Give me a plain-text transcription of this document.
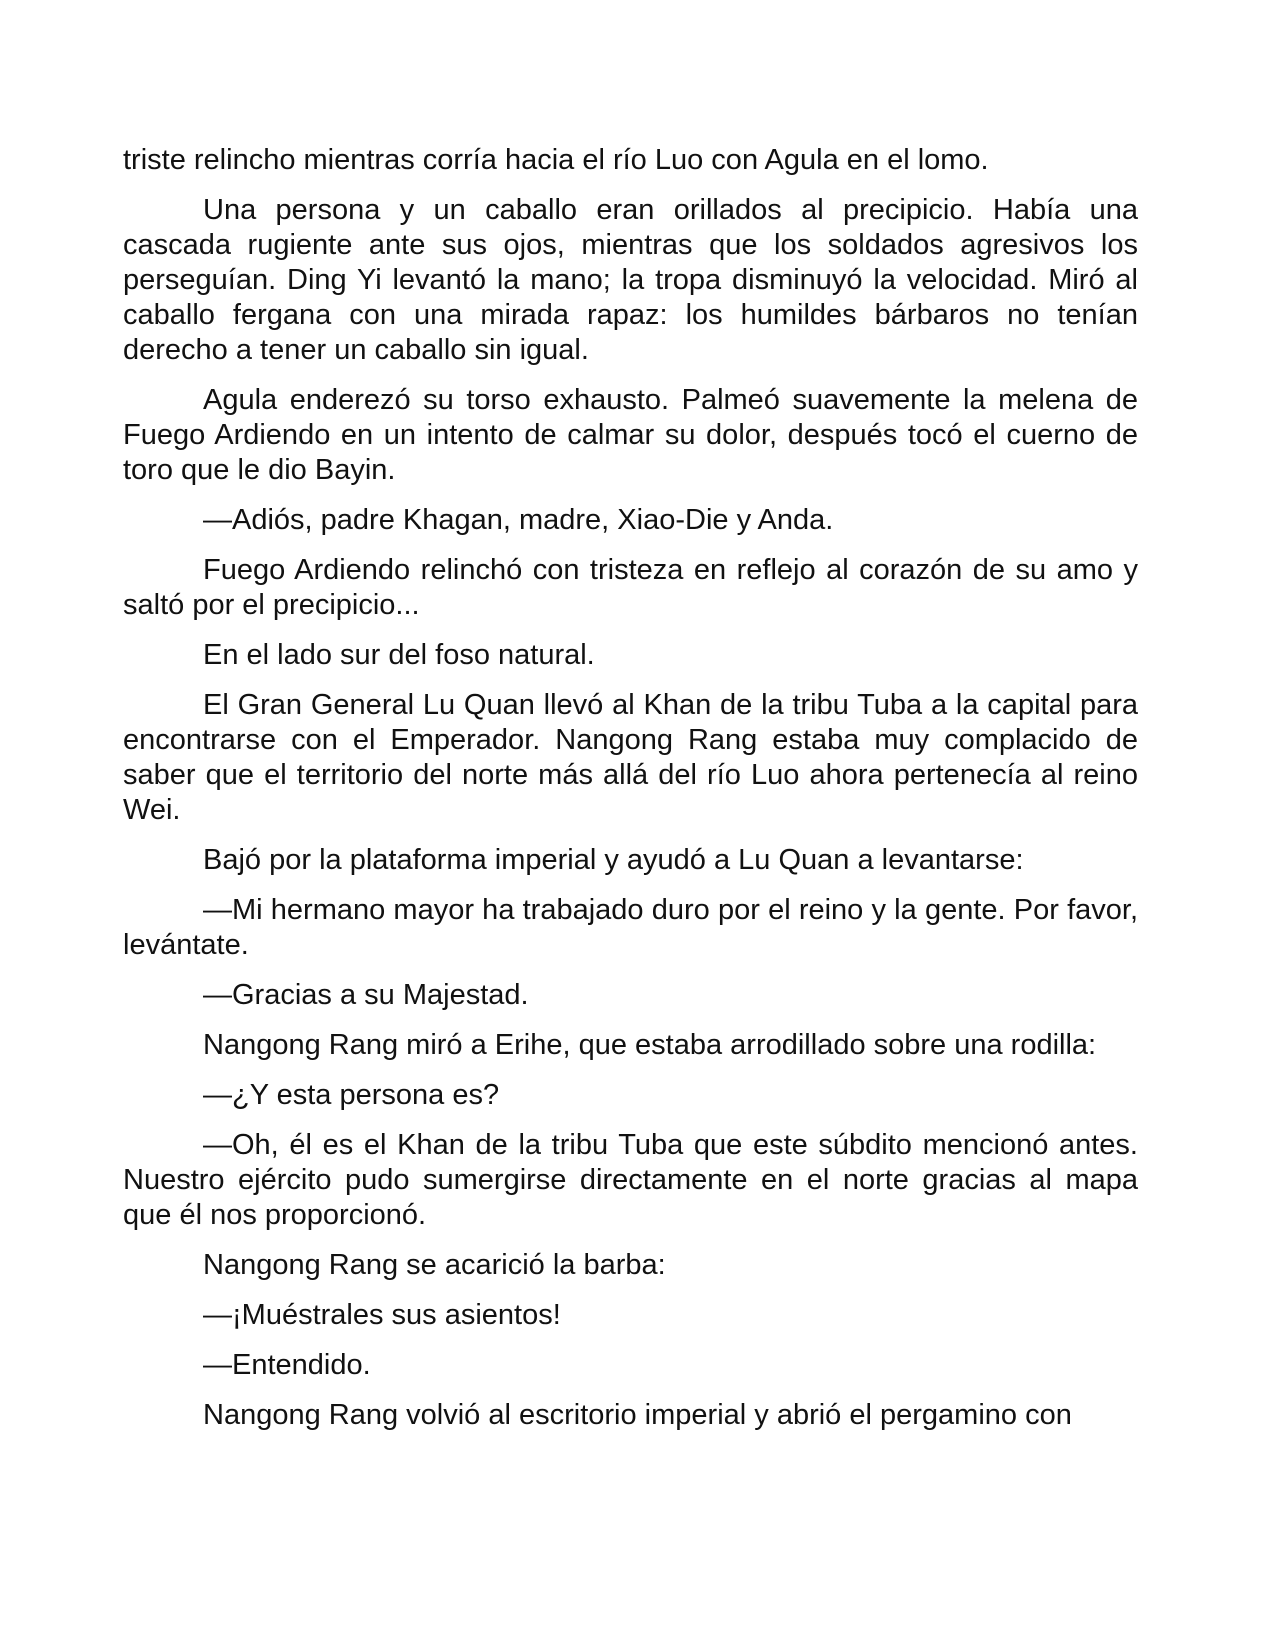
triste relincho mientras corría hacia el río Luo con Agula en el lomo.

Una persona y un caballo eran orillados al precipicio. Había una cascada rugiente ante sus ojos, mientras que los soldados agresivos los perseguían. Ding Yi levantó la mano; la tropa disminuyó la velocidad. Miró al caballo fergana con una mirada rapaz: los humildes bárbaros no tenían derecho a tener un caballo sin igual.

Agula enderezó su torso exhausto. Palmeó suavemente la melena de Fuego Ardiendo en un intento de calmar su dolor, después tocó el cuerno de toro que le dio Bayin.

—Adiós, padre Khagan, madre, Xiao-Die y Anda.

Fuego Ardiendo relinchó con tristeza en reflejo al corazón de su amo y saltó por el precipicio...

En el lado sur del foso natural.

El Gran General Lu Quan llevó al Khan de la tribu Tuba a la capital para encontrarse con el Emperador. Nangong Rang estaba muy complacido de saber que el territorio del norte más allá del río Luo ahora pertenecía al reino Wei.

Bajó por la plataforma imperial y ayudó a Lu Quan a levantarse:

—Mi hermano mayor ha trabajado duro por el reino y la gente. Por favor, levántate.

—Gracias a su Majestad.

Nangong Rang miró a Erihe, que estaba arrodillado sobre una rodilla:

—¿Y esta persona es?

—Oh, él es el Khan de la tribu Tuba que este súbdito mencionó antes. Nuestro ejército pudo sumergirse directamente en el norte gracias al mapa que él nos proporcionó.

Nangong Rang se acarició la barba:

—¡Muéstrales sus asientos!

—Entendido.

Nangong Rang volvió al escritorio imperial y abrió el pergamino con
